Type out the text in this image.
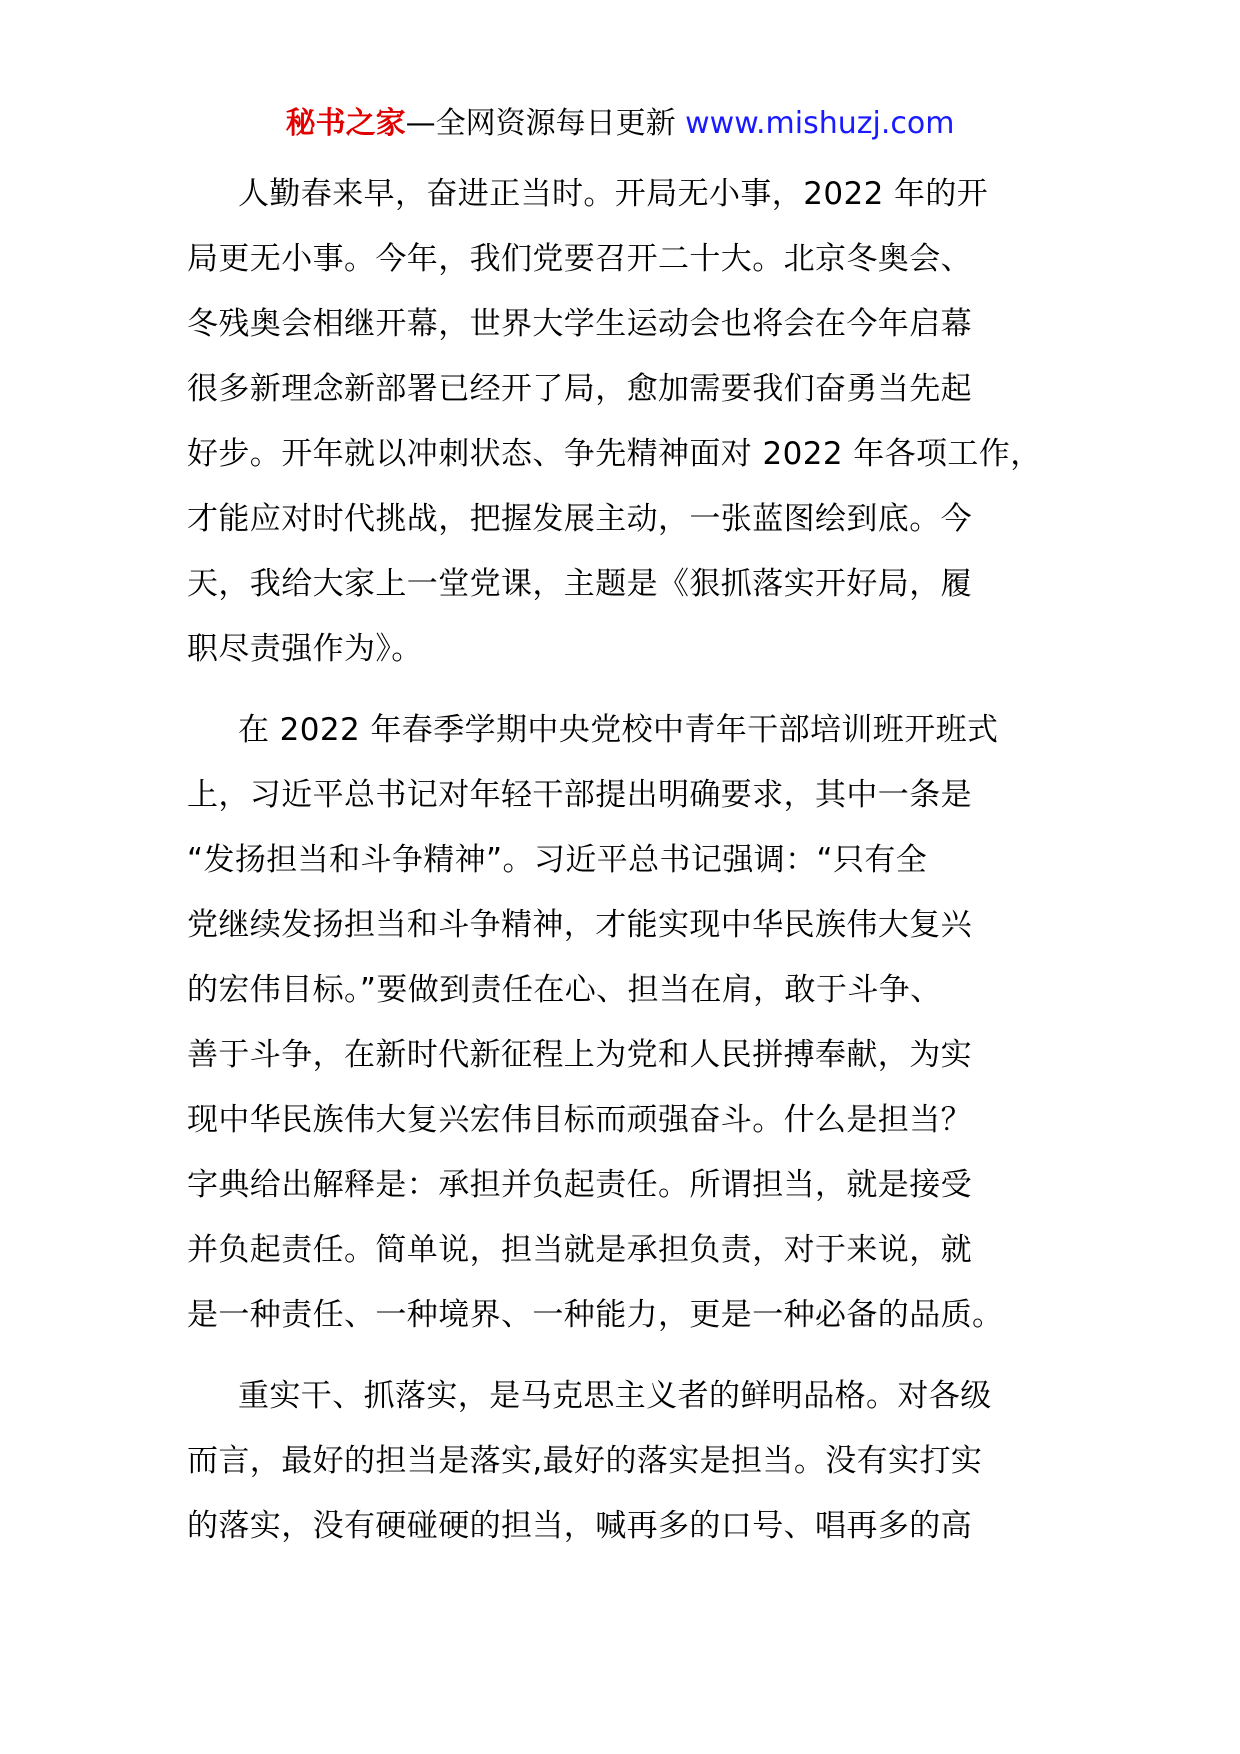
秘书之家—全网资源每日更新 www.mishuzj.com
人勤春来早，奋进正当时。开局无小事，2022 年的开
局更无小事。今年，我们党要召开二十大。北京冬奥会、
冬残奥会相继开幕，世界大学生运动会也将会在今年启幕
很多新理念新部署已经开了局，愈加需要我们奋勇当先起
好步。开年就以冲刺状态、争先精神面对 2022 年各项工作，
才能应对时代挑战，把握发展主动，一张蓝图绘到底。今
天，我给大家上一堂党课，主题是《狠抓落实开好局，履
职尽责强作为》。
在 2022 年春季学期中央党校中青年干部培训班开班式
上，习近平总书记对年轻干部提出明确要求，其中一条是
“发扬担当和斗争精神”。习近平总书记强调：“只有全
党继续发扬担当和斗争精神，才能实现中华民族伟大复兴
的宏伟目标。”要做到责任在心、担当在肩，敢于斗争、
善于斗争，在新时代新征程上为党和人民拼搏奉献，为实
现中华民族伟大复兴宏伟目标而顽强奋斗。什么是担当？
字典给出解释是：承担并负起责任。所谓担当，就是接受
并负起责任。简单说，担当就是承担负责，对于来说，就
是一种责任、一种境界、一种能力，更是一种必备的品质。
重实干、抓落实，是马克思主义者的鲜明品格。对各级
而言，最好的担当是落实,最好的落实是担当。没有实打实
的落实，没有硬碰硬的担当，喊再多的口号、唱再多的高
